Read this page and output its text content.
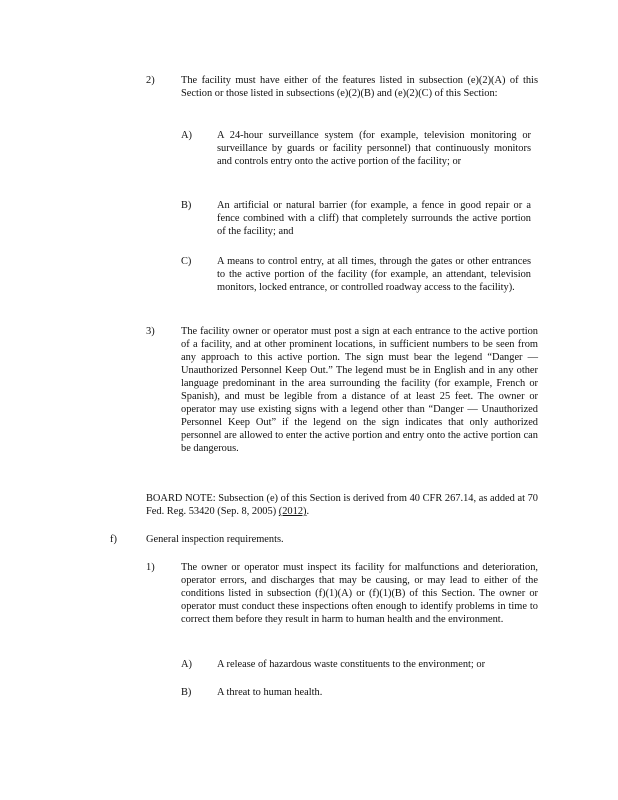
2)	The facility must have either of the features listed in subsection (e)(2)(A) of this Section or those listed in subsections (e)(2)(B) and (e)(2)(C) of this Section:
A) A 24-hour surveillance system (for example, television monitoring or surveillance by guards or facility personnel) that continuously monitors and controls entry onto the active portion of the facility; or
B) An artificial or natural barrier (for example, a fence in good repair or a fence combined with a cliff) that completely surrounds the active portion of the facility; and
C) A means to control entry, at all times, through the gates or other entrances to the active portion of the facility (for example, an attendant, television monitors, locked entrance, or controlled roadway access to the facility).
3)	The facility owner or operator must post a sign at each entrance to the active portion of a facility, and at other prominent locations, in sufficient numbers to be seen from any approach to this active portion. The sign must bear the legend “Danger — Unauthorized Personnel Keep Out.” The legend must be in English and in any other language predominant in the area surrounding the facility (for example, French or Spanish), and must be legible from a distance of at least 25 feet. The owner or operator may use existing signs with a legend other than “Danger — Unauthorized Personnel Keep Out” if the legend on the sign indicates that only authorized personnel are allowed to enter the active portion and entry onto the active portion can be dangerous.
BOARD NOTE: Subsection (e) of this Section is derived from 40 CFR 267.14, as added at 70 Fed. Reg. 53420 (Sep. 8, 2005) (2012).
f)	General inspection requirements.
1)	The owner or operator must inspect its facility for malfunctions and deterioration, operator errors, and discharges that may be causing, or may lead to either of the conditions listed in subsection (f)(1)(A) or (f)(1)(B) of this Section. The owner or operator must conduct these inspections often enough to identify problems in time to correct them before they result in harm to human health and the environment.
A) A release of hazardous waste constituents to the environment; or
B) A threat to human health.
